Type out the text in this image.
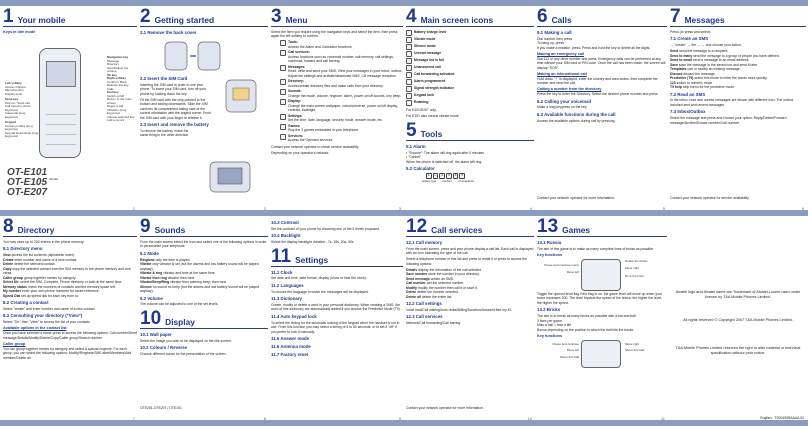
1 Your mobile
Keys in idle mode
Left softkey
Access Options Menu/Confirm
Display tools
Send key
Pick up / Send call
Call memory (short keypress)
Voicemail (long keypress)
Keypad
Access profiles (long keypress)
Keypad lock/unlock (long keypress)
Navigation key
Message
Directory
Scroll/adjust the volume
Ok key
Right softkey
Confirm / Back
Release the key
Calls
End key
Switch on/off
Return to the main screen
Reject a call
Vibration (long keypress)
Volume selected key
Add a record
OT-E101
OT-E105
OT-E207
Alcatel
1
2 Getting started
2.1 Remove the back cover
2.2 Insert the SIM Card
Inserting the SIM card in order to use your phone. To insert your SIM card, turn off your phone by holding down the key.
Fit the SIM card with the chip pointed to the bottom and sliding downwards. Slide the SIM card into its compartment taking care of the correct orientation with the angled corner. Push the SIM card with your finger to release it.
2.3 Insert and remove the battery
To remove the battery, make the same thing in the other direction.
2
3 Menu
Select the item you require using the navigation keys and select the item, then press again the left softkey to confirm.
Tools:
Access the Alarm and Calculator functions
Call services:
Access functions such as voicemail number, call memory, call settings, voicemail, forward and call barring.
Messages:
Read, write and send your SMS, View your messages in your Inbox, outbox. Adjust the settings and activate/deactivate SMS, CB message reception.
Directory:
Access/create directory files and make calls from your directory.
Sounds:
Change the mode, volume, ringtone, alarm, power on/off sounds, key beep.
Display:
Change the main screen wallpaper, colours/reverse, power on/off display, contrast, backlight.
Settings:
Set the time, date, language, security mode, answer mode, etc.
Games:
Play the 2 games embedded in your telephone
Services:
Access the Operator services.
Contact your network operator to check service availability.
Depending on your operator's network.
3
4 Main screen icons
Battery charge level
Vibrate mode
Silence mode
Unread message
Message list is full
Unanswered call
Call forwarding activated
Alarm programmed
Signal strength indicator
Keypad lock
Roaming
For E101/E207 only.
For E101 also means vibrate mode
5 Tools
5.1 Alarm
• "Snooze": The alarm will ring again after 5 minutes.
• "Cancel"
When the phone is switched off, the alarm will ring.
5.2 Calculator
1	+	2	3	4	5
select type confirm of operation
4
6 Calls
6.1 Making a call
Dial number then press
To hang up, press
If you make a mistake, press. Press and hold the key to delete all the digits.
Making an emergency call
Dial 112 or any other number and press. Emergency calls can be performed at any time without your SIM card or PIN code. Once the call has been made, the screen will display "SOS".
Making an international call
Hold down "+" is displayed, enter the country and area codes, then complete the number and send the call.
Calling a number from the directory
Press the key to enter the Directory. Select the desired phone number and press.
6.2 Calling your voicemail
Make a long keypress on the key.
6.3 Available functions during the call
Access the available options during call by pressing.
Contact your network operator for more information.
5
7 Messages
Press (or press and select)
7.1 Create an SMS
→ "create" → the → → and choose your action:
Send send the message to a recipient.
Send to many send the message to a group of people you have defined.
Send to email send a message to an email address.
Save save the message in the saved box and send it later.
Templates use or modify an existing message.
Discard discard the message.
Predictive (T9) select this mode to enter the words more quickly.
123 switch to numeric mode
T9 help help menu for the predictive mode
7.2 Read an SMS
In the inbox, read and unread messages are shown with different icon. The outbox included sent and unsent messages.
7.3 Inbox/Outbox
Select the message and press and choose your option: Reply/Delete/Forward message/Archive/Extract number/Call number
Contact your network operator for service availability.
6
8 Directory
You may store up to 200 entries in the phone memory.
8.1 Directory menu
View access the list contents (alphabetic order).
Create enter number and name of a new contact.
Delete delete the selected contact.
Copy copy the selected contact from the SIM memory to the phone memory and vice versa.
Caller group group together names by category.
Select Dir. select the SIM, Complete, Phone directory or both at the same time.
Memory status check the numbers of contacts and the memory space left.
My number enter your own phone numbers for future reference.
Speed Dial set up speed dial for each key from to.
8.2 Creating a contact
Select "create" and enter number and name of a new contact.
8.3 Consulting your directory ("View")
Select "Dir." then "View" to access the list of your contacts
Available options in the contact list
Once you have selected a name press to access the following options: Call number/Send message/Details/Modify/Delete/Copy/Caller group/Search number
Caller group
You can group together names by category and select a special ringtone. For each group, you can select the following options: Modify/Ringtone/SMS alert/Members/Add member/Delete all.
7
9 Sounds
From the main screen select the icon and select one of the following options in order to personalize your telephone.
9.1 Mode
Ringtone only the tone is played.
Vibrate only vibrator is set (but the alarms and low battery sound will be played anyway).
Vibrate & ring vibrator and tone at the same time.
Vibrate then ring vibrator then tone.
Vibrate/Beep/Ring vibrator then warning beep, then tone.
Silence no sound no beep (but the alarms and low battery sound will be played anyway).
9.2 Volume
The volume can be adjusted to one of the set levels.
10 Display
10.1 Wall paper
Select the image you wish to be displayed on the idle screen.
10.2 Colours / Reverse
Choose different colors for the presentation of the screen.
OTE201-OTE207 / OTE101
8
10.3 Contrast
Set the contrast of your phone by choosing one of the 5 levels proposed.
10.4 Backlight
Select the display backlight duration : 7s, 15s, 20s, 30s.
11 Settings
11.1 Clock
Set date and time, date format, display (show or hide the clock).
11.2 Languages
To choose the language in which the messages will be displayed.
11.3 Dictionary
Create, modify or delete a word in your personal dictionary. When creating a SMS, the word of this dictionary are automatically added if you choose the Predictive Mode (T9).
11.4 Auto keypad lock
To select the timing for the automatic locking of the keypad when the handset is not in use. From this function you may select a timing of 5 to 60 seconds, or to set it "off" if you prefer to lock it manually.
11.5 Answer mode
11.6 Antenna mode
11.7 Factory reset
9
12 Call services
12.1 Call memory
From the main screen, press and your phone display a call list. Each call is displayed with an icon indicating the type of the call.
Select a telephone number in this list and press to redial it or press to access the following options:
Details display the information of the call selected
Save number store the number in your directory.
Send message create an SMS.
Call number call the selected number.
Modify modify the number then call it or save it.
Delete delete the number selected.
Delete all delete the entire list.
12.2 Call settings
Voice mail/Call waiting/Auto redial/Billing/Duration/Amount/Hide my ID.
12.3 Call services
Network/Call forwarding/Call barring
Contact your network operator for more information.
10
13 Games
13.1 Russia
The aim of this game is to make as many complete lines of bricks as possible.
Key functions
Pause and continue menu
Move left
Rotate the bricks
Move right
Drop the brick
Toggle the upmost level flag if the flag is on, the game level will move up when your score increases 300. The level impacts the speed of the bricks: the higher the level, the higher the speed.
13.2 Bricks
The aim is to break as many bricks as possible with a bat and ball.
3 lives per game.
Miss a ball = lose a life
Bonus depending on the position in which the ball hits the bricks.
Key functions
Pause and continue
Move left
Shoot first ball
Move right
Shoot first ball
11
Alcatel logo and Alcatel name are Trademark of Alcatel-Lucent used under license by T&A Mobile Phones Limited.
All rights reserved © Copyright 2007 T&A Mobile Phones Limited.
T&A Mobile Phones Limited reserves the right to alter material or technical specification without prior notice.
English - TS00190BAAAA 02
